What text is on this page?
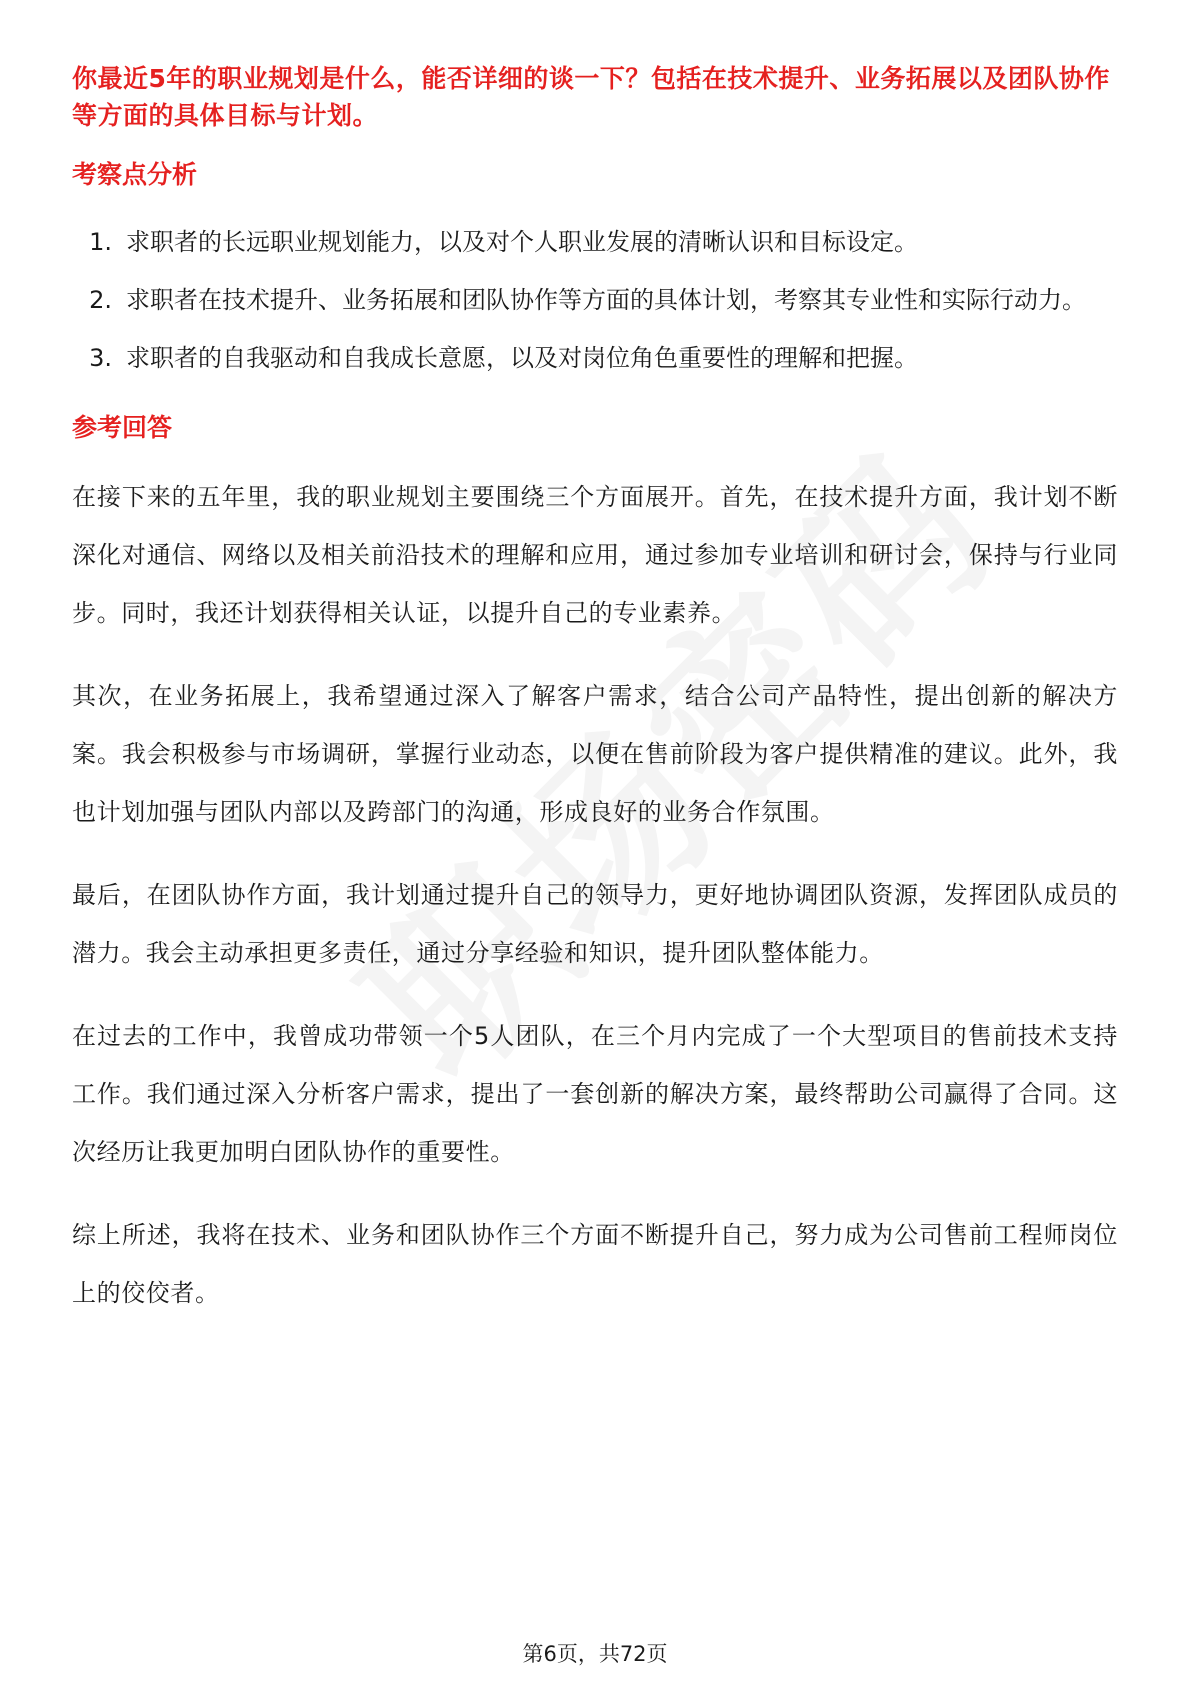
你最近5年的职业规划是什么，能否详细的谈一下？包括在技术提升、业务拓展以及团队协作等方面的具体目标与计划。
考察点分析
1. 求职者的长远职业规划能力，以及对个人职业发展的清晰认识和目标设定。
2. 求职者在技术提升、业务拓展和团队协作等方面的具体计划，考察其专业性和实际行动力。
3. 求职者的自我驱动和自我成长意愿，以及对岗位角色重要性的理解和把握。
参考回答

在接下来的五年里，我的职业规划主要围绕三个方面展开。首先，在技术提升方面，我计划不断深化对通信、网络以及相关前沿技术的理解和应用，通过参加专业培训和研讨会，保持与行业同步。同时，我还计划获得相关认证，以提升自己的专业素养。

其次，在业务拓展上，我希望通过深入了解客户需求，结合公司产品特性，提出创新的解决方案。我会积极参与市场调研，掌握行业动态，以便在售前阶段为客户提供精准的建议。此外，我也计划加强与团队内部以及跨部门的沟通，形成良好的业务合作氛围。

最后，在团队协作方面，我计划通过提升自己的领导力，更好地协调团队资源，发挥团队成员的潜力。我会主动承担更多责任，通过分享经验和知识，提升团队整体能力。

在过去的工作中，我曾成功带领一个5人团队，在三个月内完成了一个大型项目的售前技术支持工作。我们通过深入分析客户需求，提出了一套创新的解决方案，最终帮助公司赢得了合同。这次经历让我更加明白团队协作的重要性。

综上所述，我将在技术、业务和团队协作三个方面不断提升自己，努力成为公司售前工程师岗位上的佼佼者。

第6页，共72页
